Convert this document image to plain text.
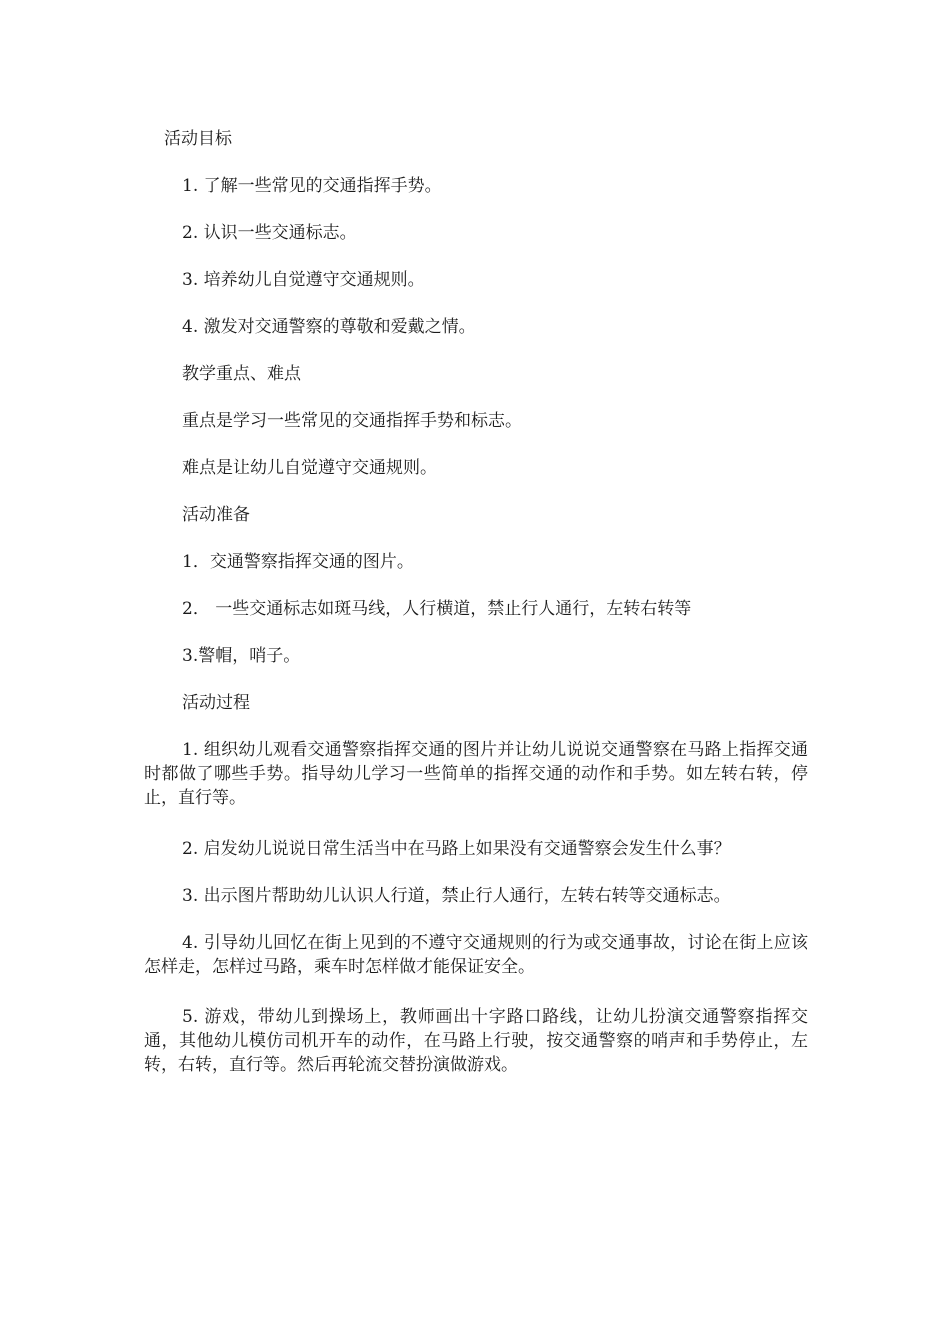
活动目标

1. 了解一些常见的交通指挥手势。

2. 认识一些交通标志。

3. 培养幼儿自觉遵守交通规则。

4. 激发对交通警察的尊敬和爱戴之情。

教学重点、难点

重点是学习一些常见的交通指挥手势和标志。

难点是让幼儿自觉遵守交通规则。

活动准备

1．交通警察指挥交通的图片。

2． 一些交通标志如斑马线，人行横道，禁止行人通行，左转右转等

3.警帽，哨子。

活动过程

1. 组织幼儿观看交通警察指挥交通的图片并让幼儿说说交通警察在马路上指挥交通时都做了哪些手势。指导幼儿学习一些简单的指挥交通的动作和手势。如左转右转，停止，直行等。

2. 启发幼儿说说日常生活当中在马路上如果没有交通警察会发生什么事？

3. 出示图片帮助幼儿认识人行道，禁止行人通行，左转右转等交通标志。

4. 引导幼儿回忆在街上见到的不遵守交通规则的行为或交通事故，讨论在街上应该怎样走，怎样过马路，乘车时怎样做才能保证安全。

5. 游戏，带幼儿到操场上，教师画出十字路口路线，让幼儿扮演交通警察指挥交通，其他幼儿模仿司机开车的动作，在马路上行驶，按交通警察的哨声和手势停止，左转，右转，直行等。然后再轮流交替扮演做游戏。
